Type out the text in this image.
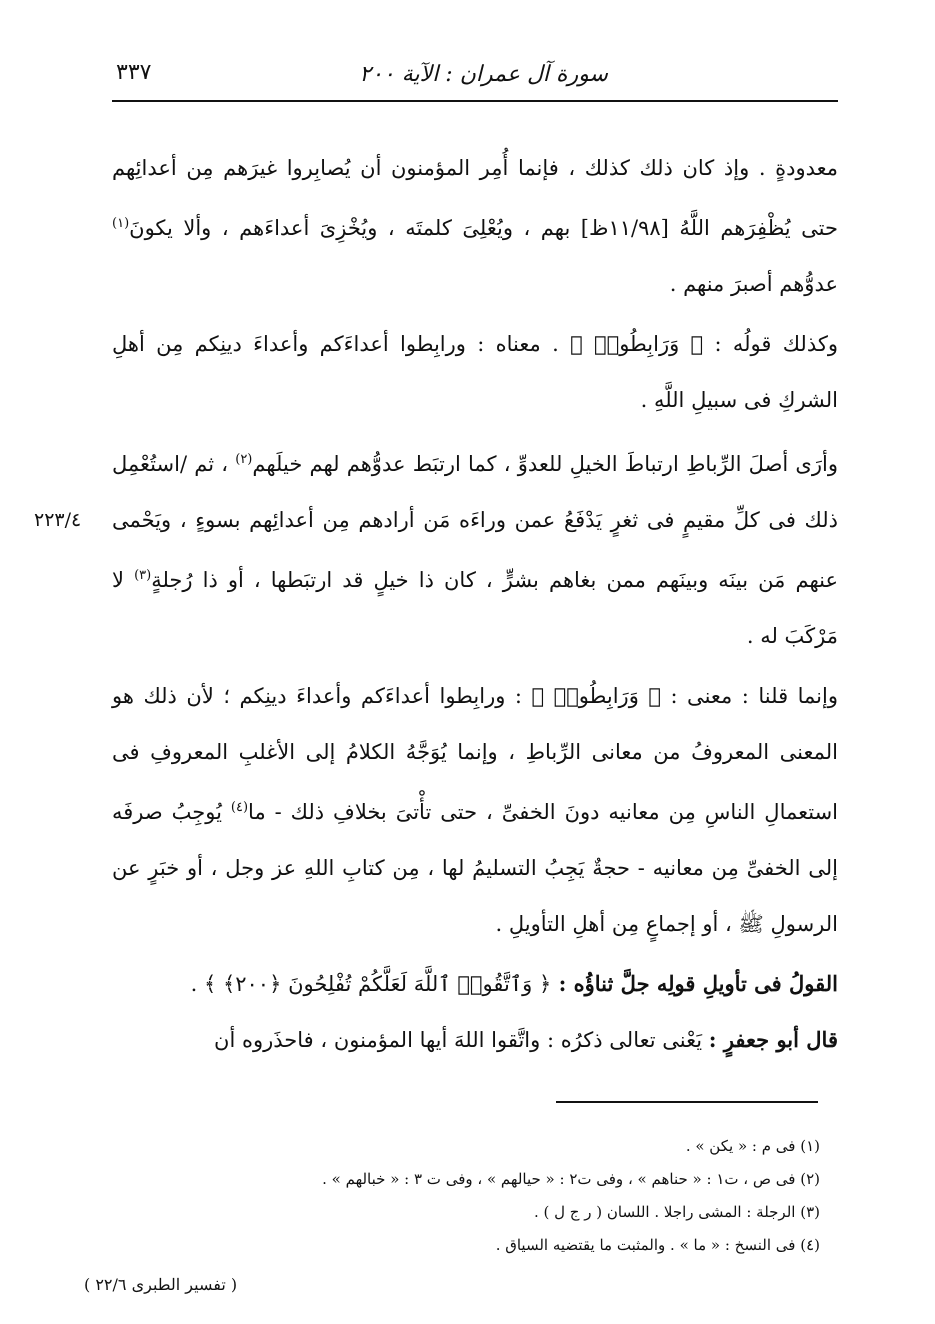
سورة آل عمران : الآية ٢٠٠
٣٣٧

معدودةٍ . وإذ كان ذلك كذلك ، فإنما أُمِر المؤمنون أن يُصابِروا غيرَهم مِن أعدائِهم حتى يُظْفِرَهم اللَّهُ [١١/٩٨ظ] بهم ، ويُعْلِىَ كلمتَه ، ويُخْزِىَ أعداءَهم ، وألا يكونَ$^{(١)}$ عدوُّهم أصبرَ منهم .

وكذلك قولُه : ﴿ وَرَابِطُوا۟ ﴾ . معناه : ورابِطوا أعداءَكم وأعداءَ دينِكم مِن أهلِ الشركِ فى سبيلِ اللَّهِ .

وأرَى أصلَ الرِّباطِ ارتباطَ الخيلِ للعدوِّ ، كما ارتبَط عدوُّهم لهم خيلَهم$^{(٢)}$ ، ثم /استُعْمِل ذلك فى كلِّ مقيمٍ فى ثغرٍ يَدْفَعُ عمن وراءَه مَن أرادهم مِن أعدائِهم بسوءٍ ، ويَحْمى عنهم مَن بينَه وبينَهم ممن بغاهم بشرٍّ ، كان ذا خيلٍ قد ارتبَطها ، أو ذا رُجلةٍ$^{(٣)}$ لا مَرْكَبَ له .
٢٢٣/٤

وإنما قلنا : معنى : ﴿ وَرَابِطُوا۟ ﴾ : ورابِطوا أعداءَكم وأعداءَ دينِكم ؛ لأن ذلك هو المعنى المعروفُ من معانى الرِّباطِ ، وإنما يُوَجَّهُ الكلامُ إلى الأغلبِ المعروفِ فى استعمالِ الناسِ مِن معانيه دونَ الخفىِّ ، حتى تأْتىَ بخلافِ ذلك - ما$^{(٤)}$ يُوجِبُ صرفَه إلى الخفىِّ مِن معانيه - حجةٌ يَجِبُ التسليمُ لها ، مِن كتابِ اللهِ عز وجل ، أو خبَرٍ عن الرسولِ ﷺ ، أو إجماعٍ مِن أهلِ التأويلِ .

القولُ فى تأويلِ قولِه جلَّ ثناؤُه : ﴿ وَٱتَّقُوا۟ ٱللَّهَ لَعَلَّكُمْ تُفْلِحُونَ ﴿٢٠٠﴾ ﴾ .

قال أبو جعفرٍ : يَعْنى تعالى ذكرُه : واتَّقوا اللهَ أيها المؤمنون ، فاحذَروه أن

(١) فى م : « يكن » .
(٢) فى ص ، ت١ : « حناهم » ، وفى ت٢ : « حيالهم » ، وفى ت ٣ : « خبالهم » .
(٣) الرجلة : المشى راجلا . اللسان ( ر ج ل ) .
(٤) فى النسخ : « ما » . والمثبت ما يقتضيه السياق .
( تفسير الطبرى ٢٢/٦ )
